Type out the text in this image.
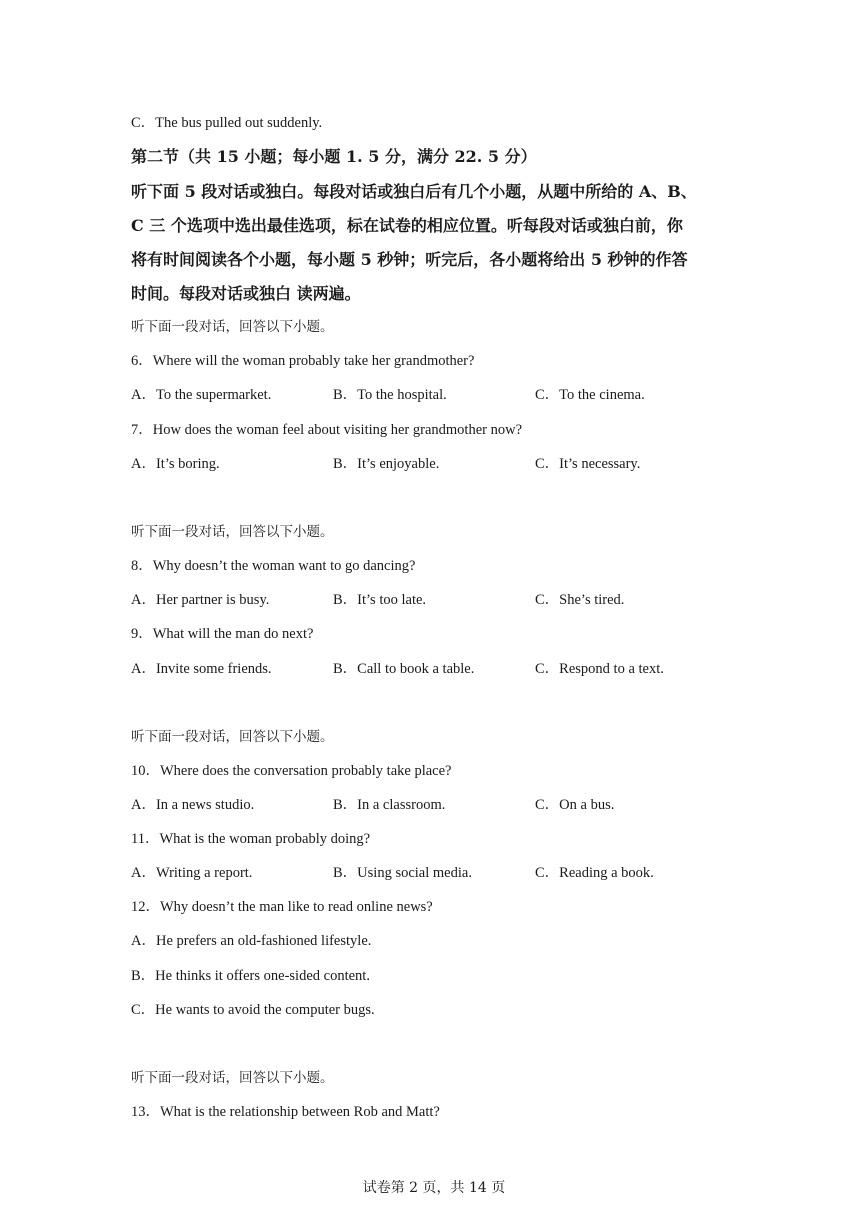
C．The bus pulled out suddenly.
第二节（共 15 小题；每小题 1. 5 分，满分 22. 5 分）
听下面 5 段对话或独白。每段对话或独白后有几个小题，从题中所给的 A、B、
C 三 个选项中选出最佳选项，标在试卷的相应位置。听每段对话或独白前，你
将有时间阅读各个小题，每小题 5 秒钟；听完后，各小题将给出 5 秒钟的作答
时间。每段对话或独白 读两遍。
听下面一段对话，回答以下小题。
6．Where will the woman probably take her grandmother?
A．To the supermarket.	B．To the hospital.	C．To the cinema.
7．How does the woman feel about visiting her grandmother now?
A．It’s boring.	B．It’s enjoyable.	C．It’s necessary.
听下面一段对话，回答以下小题。
8．Why doesn’t the woman want to go dancing?
A．Her partner is busy.	B．It’s too late.	C．She’s tired.
9．What will the man do next?
A．Invite some friends.	B．Call to book a table.	C．Respond to a text.
听下面一段对话，回答以下小题。
10．Where does the conversation probably take place?
A．In a news studio.	B．In a classroom.	C．On a bus.
11．What is the woman probably doing?
A．Writing a report.	B．Using social media.	C．Reading a book.
12．Why doesn’t the man like to read online news?
A．He prefers an old-fashioned lifestyle.
B．He thinks it offers one-sided content.
C．He wants to avoid the computer bugs.
听下面一段对话，回答以下小题。
13．What is the relationship between Rob and Matt?
试卷第 2 页，共 14 页
